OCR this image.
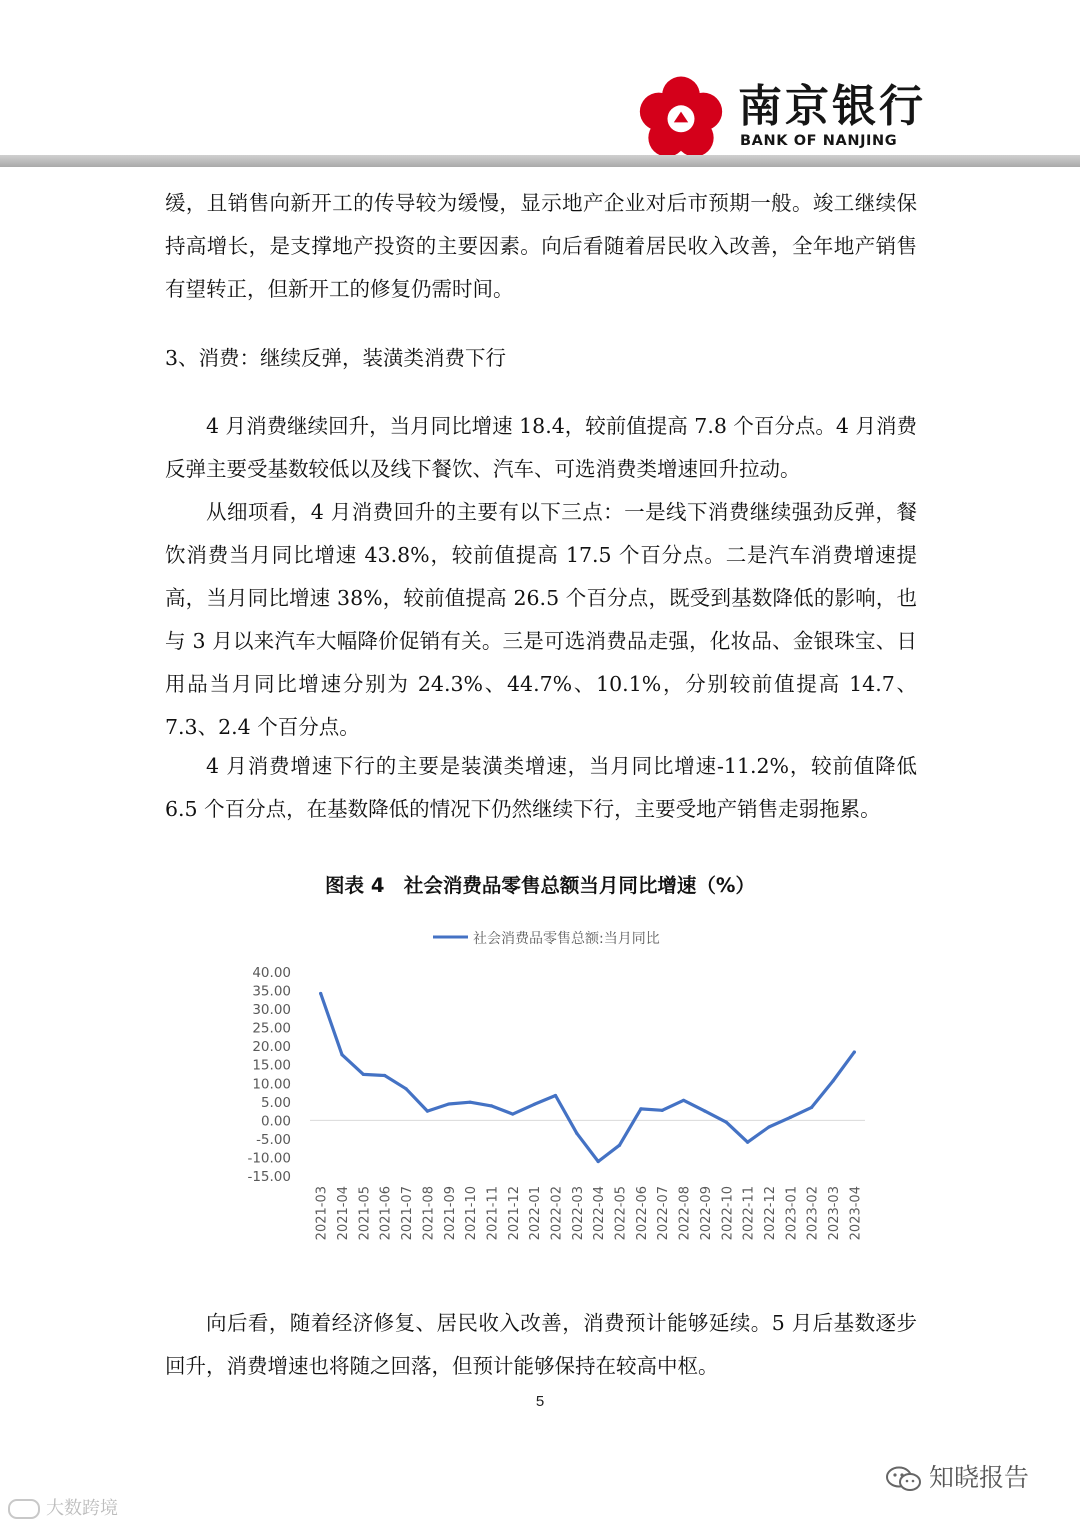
南京银行
BANK OF NANJING

缓，且销售向新开工的传导较为缓慢，显示地产企业对后市预期一般。竣工继续保持高增长，是支撑地产投资的主要因素。向后看随着居民收入改善，全年地产销售有望转正，但新开工的修复仍需时间。

3、消费：继续反弹，装潢类消费下行

4 月消费继续回升，当月同比增速 18.4，较前值提高 7.8 个百分点。4 月消费反弹主要受基数较低以及线下餐饮、汽车、可选消费类增速回升拉动。

从细项看，4 月消费回升的主要有以下三点：一是线下消费继续强劲反弹，餐饮消费当月同比增速 43.8%，较前值提高 17.5 个百分点。二是汽车消费增速提高，当月同比增速 38%，较前值提高 26.5 个百分点，既受到基数降低的影响，也与 3 月以来汽车大幅降价促销有关。三是可选消费品走强，化妆品、金银珠宝、日用品当月同比增速分别为 24.3%、44.7%、10.1%，分别较前值提高 14.7、7.3、2.4 个百分点。

4 月消费增速下行的主要是装潢类增速，当月同比增速-11.2%，较前值降低 6.5 个百分点，在基数降低的情况下仍然继续下行，主要受地产销售走弱拖累。

图表 4　社会消费品零售总额当月同比增速（%）
社会消费品零售总额:当月同比
40.00
35.00
30.00
25.00
20.00
15.00
10.00
5.00
0.00
-5.00
-10.00
-15.00
2021-03 2021-04 2021-05 2021-06 2021-07 2021-08 2021-09 2021-10 2021-11 2021-12 2022-01 2022-02 2022-03 2022-04 2022-05 2022-06 2022-07 2022-08 2022-09 2022-10 2022-11 2022-12 2023-01 2023-02 2023-03 2023-04

向后看，随着经济修复、居民收入改善，消费预计能够延续。5 月后基数逐步回升，消费增速也将随之回落，但预计能够保持在较高中枢。

5
知晓报告
大数跨境
